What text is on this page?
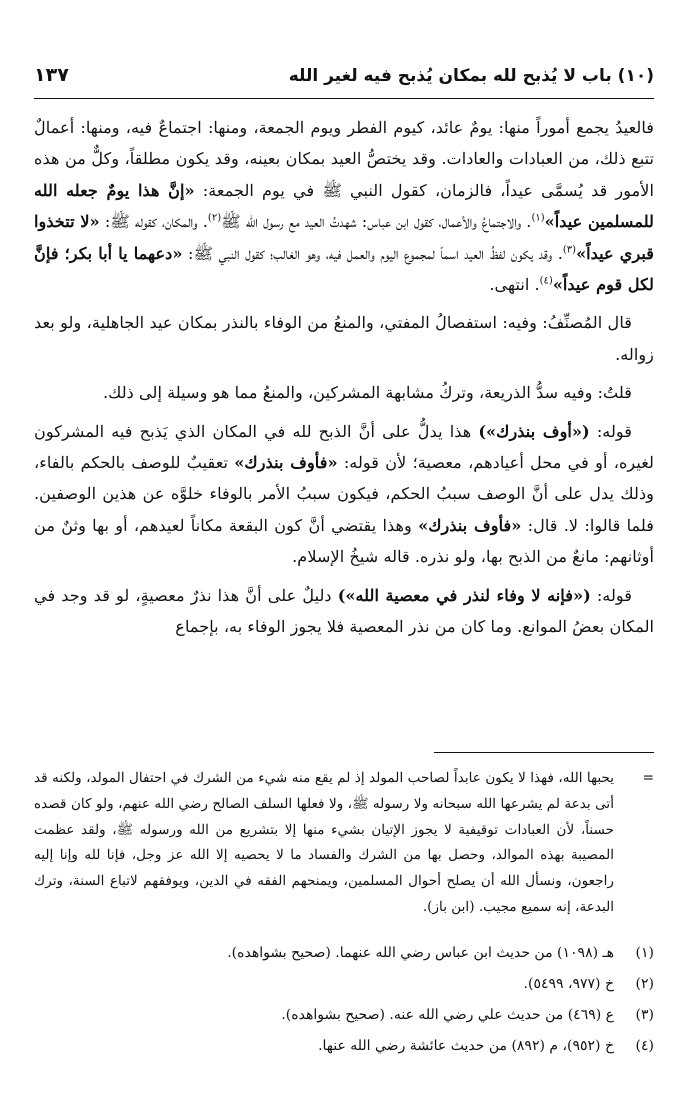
(١٠) باب لا يُذبح لله بمكان يُذبح فيه لغير الله
١٣٧

فالعيدُ يجمع أموراً منها: يومٌ عائد، كيوم الفطر ويوم الجمعة، ومنها: اجتماعٌ فيه، ومنها: أعمالٌ تتبع ذلك، من العبادات والعادات. وقد يختصُّ العيد بمكان بعينه، وقد يكون مطلقاً، وكلٌّ من هذه الأمور قد يُسمَّى عيداً، فالزمان، كقول النبي ﷺ في يوم الجمعة: «إنَّ هذا يومٌ جعله الله للمسلمين عيداً»$^{(١)}$. والاجتماعُ والأعمال، كقول ابن عباس: شهدتُ العيد مع رسول الله ﷺ$^{(٢)}$. والمكان، كقوله ﷺ: «لا تتخذوا قبري عيداً»$^{(٣)}$. وقد يكون لفظُ العيد اسماً لمجموع اليوم والعمل فيه، وهو الغالب؛ كقول النبي ﷺ: «دعهما يا أبا بكر؛ فإنَّ لكل قوم عيداً»$^{(٤)}$. انتهى.

قال المُصنِّفُ: وفيه: استفصالُ المفتي، والمنعُ من الوفاء بالنذر بمكان عيد الجاهلية، ولو بعد زواله.

قلتُ: وفيه سدُّ الذريعة، وتركُ مشابهة المشركين، والمنعُ مما هو وسيلة إلى ذلك.

قوله: («أوف بنذرك») هذا يدلُّ على أنَّ الذبح لله في المكان الذي يَذبح فيه المشركون لغيره، أو في محل أعيادهم، معصية؛ لأن قوله: «فأوف بنذرك» تعقيبٌ للوصف بالحكم بالفاء، وذلك يدل على أنَّ الوصف سببُ الحكم، فيكون سببُ الأمر بالوفاء خلوَّه عن هذين الوصفين. فلما قالوا: لا. قال: «فأوف بنذرك» وهذا يقتضي أنَّ كون البقعة مكاناً لعيدهم، أو بها وثنٌ من أوثانهم: مانعٌ من الذبح بها، ولو نذره. قاله شيخُ الإسلام.

قوله: («فإنه لا وفاء لنذر في معصية الله») دليلٌ على أنَّ هذا نذرٌ معصيةٍ، لو قد وجد في المكان بعضُ الموانع. وما كان من نذر المعصية فلا يجوز الوفاء به، بإجماع

=
يحبها الله، فهذا لا يكون عابداً لصاحب المولد إذ لم يقع منه شيء من الشرك في احتفال المولد، ولكنه قد أتى بدعة لم يشرعها الله سبحانه ولا رسوله ﷺ، ولا فعلها السلف الصالح رضي الله عنهم، ولو كان قصده حسناً، لأن العبادات توقيفية لا يجوز الإتيان بشيء منها إلا بتشريع من الله ورسوله ﷺ، ولقد عظمت المصيبة بهذه الموالد، وحصل بها من الشرك والفساد ما لا يحصيه إلا الله عز وجل، فإنا لله وإنا إليه راجعون، ونسأل الله أن يصلح أحوال المسلمين، ويمنحهم الفقه في الدين، ويوفقهم لاتباع السنة، وترك البدعة، إنه سميع مجيب. (ابن باز).
(١)
هـ (١٠٩٨) من حديث ابن عباس رضي الله عنهما. (صحيح بشواهده).
(٢)
خ (٩٧٧، ٥٤٩٩).
(٣)
ع (٤٦٩) من حديث علي رضي الله عنه. (صحيح بشواهده).
(٤)
خ (٩٥٢)، م (٨٩٢) من حديث عائشة رضي الله عنها.
